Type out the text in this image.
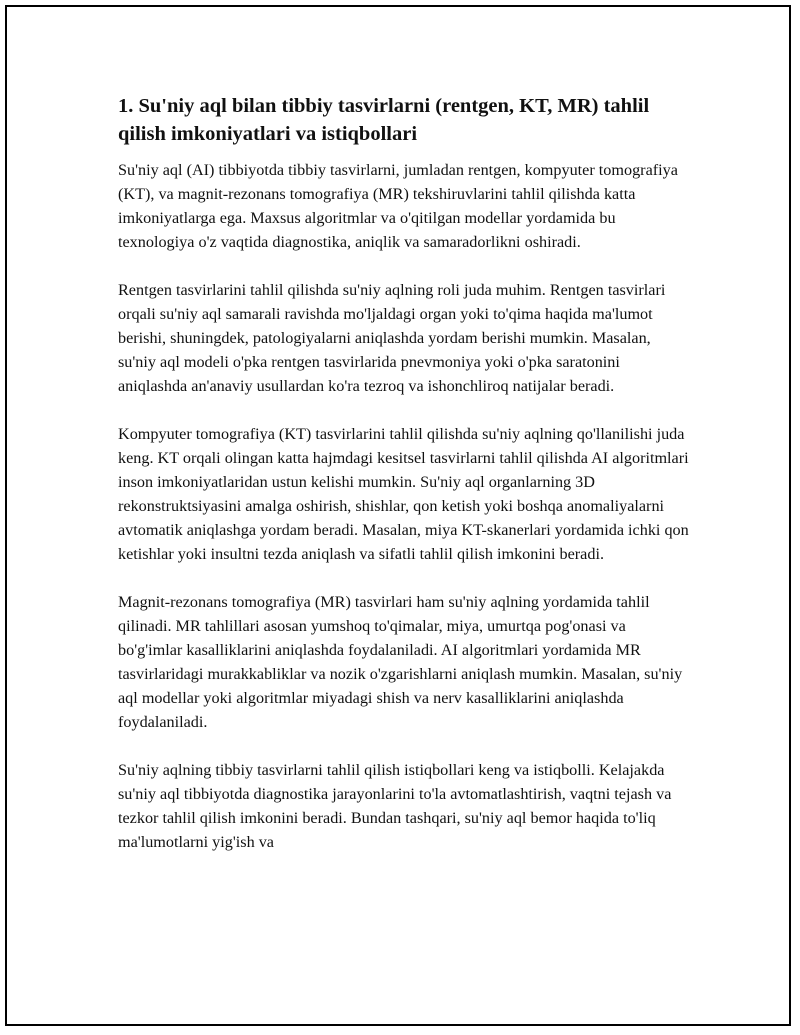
1. Su'niy aql bilan tibbiy tasvirlarni (rentgen, KT, MR) tahlil qilish imkoniyatlari va istiqbollari

Su'niy aql (AI) tibbiyotda tibbiy tasvirlarni, jumladan rentgen, kompyuter tomografiya (KT), va magnit-rezonans tomografiya (MR) tekshiruvlarini tahlil qilishda katta imkoniyatlarga ega. Maxsus algoritmlar va o'qitilgan modellar yordamida bu texnologiya o'z vaqtida diagnostika, aniqlik va samaradorlikni oshiradi.

Rentgen tasvirlarini tahlil qilishda su'niy aqlning roli juda muhim. Rentgen tasvirlari orqali su'niy aql samarali ravishda mo'ljaldagi organ yoki to'qima haqida ma'lumot berishi, shuningdek, patologiyalarni aniqlashda yordam berishi mumkin. Masalan, su'niy aql modeli o'pka rentgen tasvirlarida pnevmoniya yoki o'pka saratonini aniqlashda an'anaviy usullardan ko'ra tezroq va ishonchliroq natijalar beradi.

Kompyuter tomografiya (KT) tasvirlarini tahlil qilishda su'niy aqlning qo'llanilishi juda keng. KT orqali olingan katta hajmdagi kesitsel tasvirlarni tahlil qilishda AI algoritmlari inson imkoniyatlaridan ustun kelishi mumkin. Su'niy aql organlarning 3D rekonstruktsiyasini amalga oshirish, shishlar, qon ketish yoki boshqa anomaliyalarni avtomatik aniqlashga yordam beradi. Masalan, miya KT-skanerlari yordamida ichki qon ketishlar yoki insultni tezda aniqlash va sifatli tahlil qilish imkonini beradi.

Magnit-rezonans tomografiya (MR) tasvirlari ham su'niy aqlning yordamida tahlil qilinadi. MR tahlillari asosan yumshoq to'qimalar, miya, umurtqa pog'onasi va bo'g'imlar kasalliklarini aniqlashda foydalaniladi. AI algoritmlari yordamida MR tasvirlaridagi murakkabliklar va nozik o'zgarishlarni aniqlash mumkin. Masalan, su'niy aql modellar yoki algoritmlar miyadagi shish va nerv kasalliklarini aniqlashda foydalaniladi.

Su'niy aqlning tibbiy tasvirlarni tahlil qilish istiqbollari keng va istiqbolli. Kelajakda su'niy aql tibbiyotda diagnostika jarayonlarini to'la avtomatlashtirish, vaqtni tejash va tezkor tahlil qilish imkonini beradi. Bundan tashqari, su'niy aql bemor haqida to'liq ma'lumotlarni yig'ish va
